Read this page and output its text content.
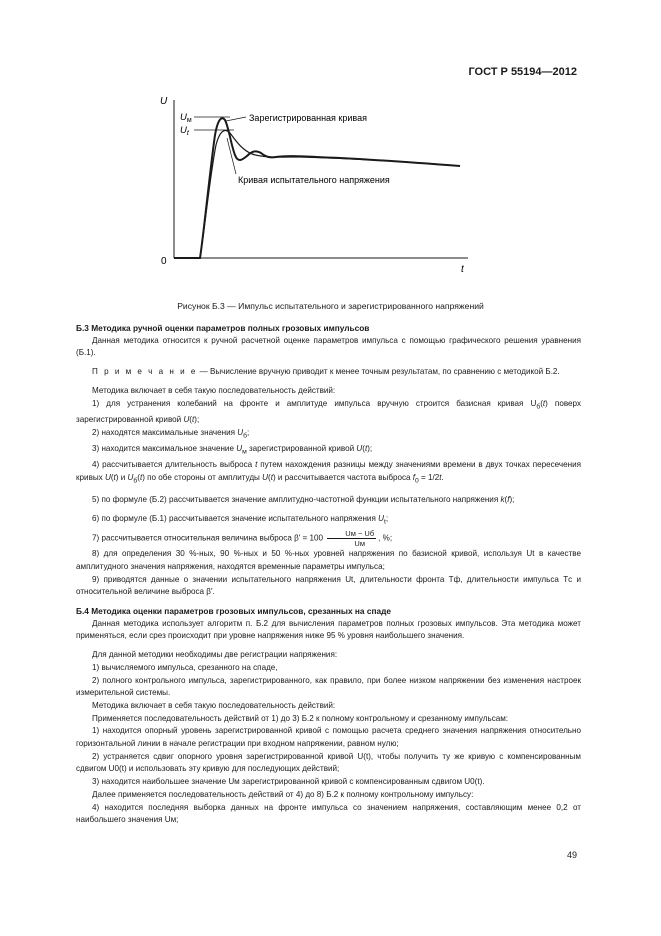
ГОСТ Р 55194—2012
U
t
0
$U_м$
$U_t$
Зарегистрированная кривая
Кривая испытательного напряжения
Рисунок Б.3 — Импульс испытательного и зарегистрированного напряжений
Б.3 Методика ручной оценки параметров полных грозовых импульсов

Данная методика относится к ручной расчетной оценке параметров импульса с помощью графического решения уравнения (Б.1).

П р и м е ч а н и е — Вычисление вручную приводит к менее точным результатам, по сравнению с методикой Б.2.

Методика включает в себя такую последовательность действий:

1) для устранения колебаний на фронте и амплитуде импульса вручную строится базисная кривая $U_б(t)$ поверх зарегистрированной кривой U(t);

2) находятся максимальные значения $U_б$;

3) находится максимальное значение $U_м$ зарегистрированной кривой U(t);

4) рассчитывается длительность выброса t путем нахождения разницы между значениями времени в двух точках пересечения кривых U(t) и $U_б(t)$ по обе стороны от амплитуды U(t) и рассчитывается частота выброса $f_0 = 1/2t$.

5) по формуле (Б.2) рассчитывается значение амплитудно-частотной функции испытательного напряжения k(f);

6) по формуле (Б.1) рассчитывается значение испытательного напряжения $U_t$;

7) рассчитывается относительная величина выброса β' = 100
Uм − Uб
Uм
, %;

8) для определения 30 %-ных, 90 %-ных и 50 %-ных уровней напряжения по базисной кривой, используя Ut в качестве амплитудного значения напряжения, находятся временные параметры импульса;

9) приводятся данные о значении испытательного напряжения Ut, длительности фронта Tф, длительности импульса Tс и относительной величине выброса β'.

Б.4 Методика оценки параметров грозовых импульсов, срезанных на спаде

Данная методика использует алгоритм п. Б.2 для вычисления параметров полных грозовых импульсов. Эта методика может применяться, если срез происходит при уровне напряжения ниже 95 % уровня наибольшего значения.

Для данной методики необходимы две регистрации напряжения:

1) вычисляемого импульса, срезанного на спаде,

2) полного контрольного импульса, зарегистрированного, как правило, при более низком напряжении без изменения настроек измерительной системы.

Методика включает в себя такую последовательность действий:

Применяется последовательность действий от 1) до 3) Б.2 к полному контрольному и срезанному импульсам:

1) находится опорный уровень зарегистрированной кривой с помощью расчета среднего значения напряжения относительно горизонтальной линии в начале регистрации при входном напряжении, равном нулю;

2) устраняется сдвиг опорного уровня зарегистрированной кривой U(t), чтобы получить ту же кривую с компенсированным сдвигом U0(t) и использовать эту кривую для последующих действий;

3) находится наибольшее значение Uм зарегистрированной кривой с компенсированным сдвигом U0(t).

Далее применяется последовательность действий от 4) до 8) Б.2 к полному контрольному импульсу:

4) находится последняя выборка данных на фронте импульса со значением напряжения, составляющим менее 0,2 от наибольшего значения Uм;

49
